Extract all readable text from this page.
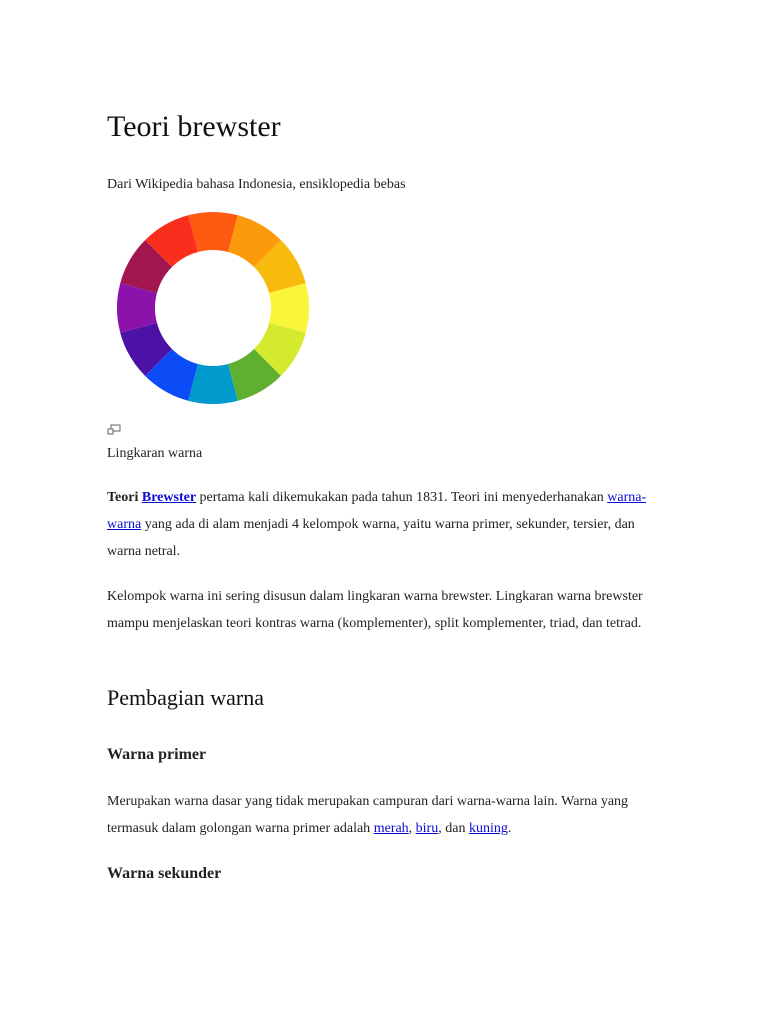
Teori brewster
Dari Wikipedia bahasa Indonesia, ensiklopedia bebas
Lingkaran warna

Teori Brewster pertama kali dikemukakan pada tahun 1831. Teori ini menyederhanakan warna-warna yang ada di alam menjadi 4 kelompok warna, yaitu warna primer, sekunder, tersier, dan warna netral.

Kelompok warna ini sering disusun dalam lingkaran warna brewster. Lingkaran warna brewster mampu menjelaskan teori kontras warna (komplementer), split komplementer, triad, dan tetrad.

Pembagian warna
Warna primer

Merupakan warna dasar yang tidak merupakan campuran dari warna-warna lain. Warna yang termasuk dalam golongan warna primer adalah merah, biru, dan kuning.

Warna sekunder
